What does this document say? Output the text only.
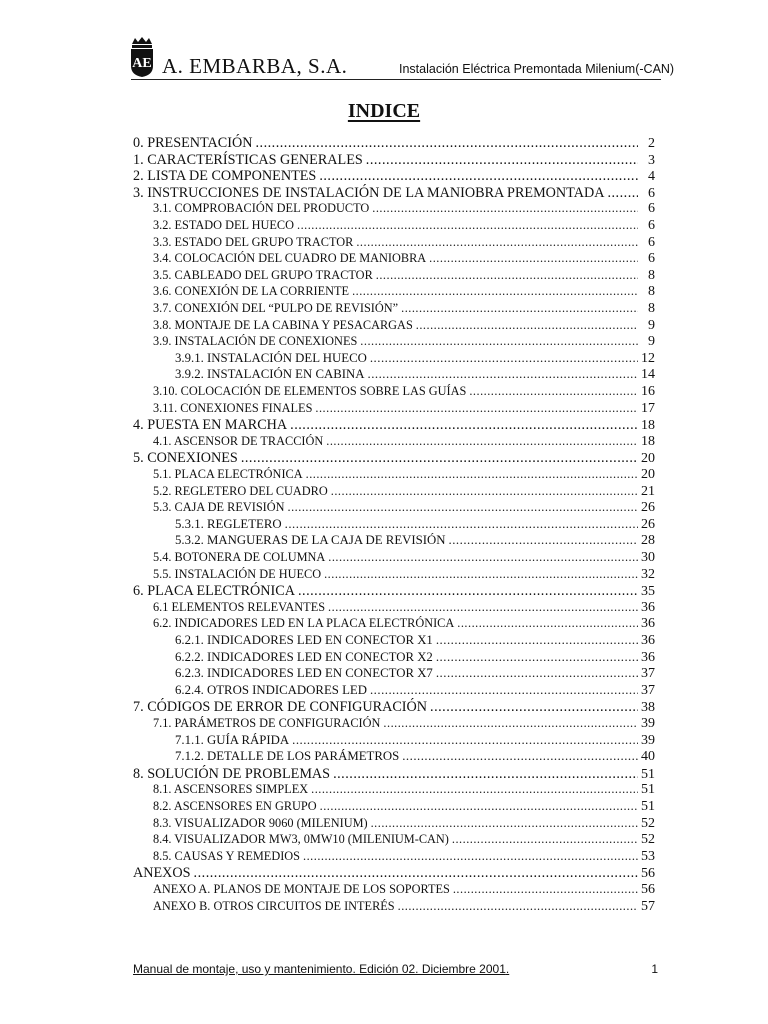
AE A. EMBARBA, S.A.	Instalación Eléctrica Premontada Milenium(-CAN)
INDICE
0. PRESENTACIÓN .....	2
1. CARACTERÍSTICAS GENERALES .....	3
2. LISTA DE COMPONENTES .....	4
3. INSTRUCCIONES DE INSTALACIÓN DE LA MANIOBRA PREMONTADA .....	6
3.1. COMPROBACIÓN DEL PRODUCTO .....	6
3.2. ESTADO DEL HUECO .....	6
3.3. ESTADO DEL GRUPO TRACTOR .....	6
3.4. COLOCACIÓN DEL CUADRO DE MANIOBRA .....	6
3.5. CABLEADO DEL GRUPO TRACTOR .....	8
3.6. CONEXIÓN DE LA CORRIENTE .....	8
3.7. CONEXIÓN DEL “PULPO DE REVISIÓN” .....	8
3.8. MONTAJE DE LA CABINA Y PESACARGAS .....	9
3.9. INSTALACIÓN DE CONEXIONES .....	9
3.9.1. INSTALACIÓN DEL HUECO .....	12
3.9.2. INSTALACIÓN EN CABINA .....	14
3.10. COLOCACIÓN DE ELEMENTOS SOBRE LAS GUÍAS .....	16
3.11. CONEXIONES FINALES .....	17
4. PUESTA EN MARCHA .....	18
4.1. ASCENSOR DE TRACCIÓN .....	18
5. CONEXIONES .....	20
5.1. PLACA ELECTRÓNICA .....	20
5.2. REGLETERO DEL CUADRO .....	21
5.3. CAJA DE REVISIÓN .....	26
5.3.1. REGLETERO .....	26
5.3.2. MANGUERAS DE LA CAJA DE REVISIÓN .....	28
5.4. BOTONERA DE COLUMNA .....	30
5.5. INSTALACIÓN DE HUECO .....	32
6. PLACA ELECTRÓNICA .....	35
6.1 ELEMENTOS RELEVANTES .....	36
6.2. INDICADORES LED EN LA PLACA ELECTRÓNICA .....	36
6.2.1. INDICADORES LED EN CONECTOR X1 .....	36
6.2.2. INDICADORES LED EN CONECTOR X2 .....	36
6.2.3. INDICADORES LED EN CONECTOR X7 .....	37
6.2.4. OTROS INDICADORES LED .....	37
7. CÓDIGOS DE ERROR DE CONFIGURACIÓN .....	38
7.1. PARÁMETROS DE CONFIGURACIÓN .....	39
7.1.1. GUÍA RÁPIDA .....	39
7.1.2. DETALLE DE LOS PARÁMETROS .....	40
8. SOLUCIÓN DE PROBLEMAS .....	51
8.1. ASCENSORES SIMPLEX .....	51
8.2. ASCENSORES EN GRUPO .....	51
8.3. VISUALIZADOR 9060 (MILENIUM) .....	52
8.4. VISUALIZADOR MW3, 0MW10 (MILENIUM-CAN) .....	52
8.5. CAUSAS Y REMEDIOS .....	53
ANEXOS .....	56
ANEXO A. PLANOS DE MONTAJE DE LOS SOPORTES .....	56
ANEXO B. OTROS CIRCUITOS DE INTERÉS .....	57
Manual de montaje, uso y mantenimiento. Edición 02. Diciembre 2001.	1
